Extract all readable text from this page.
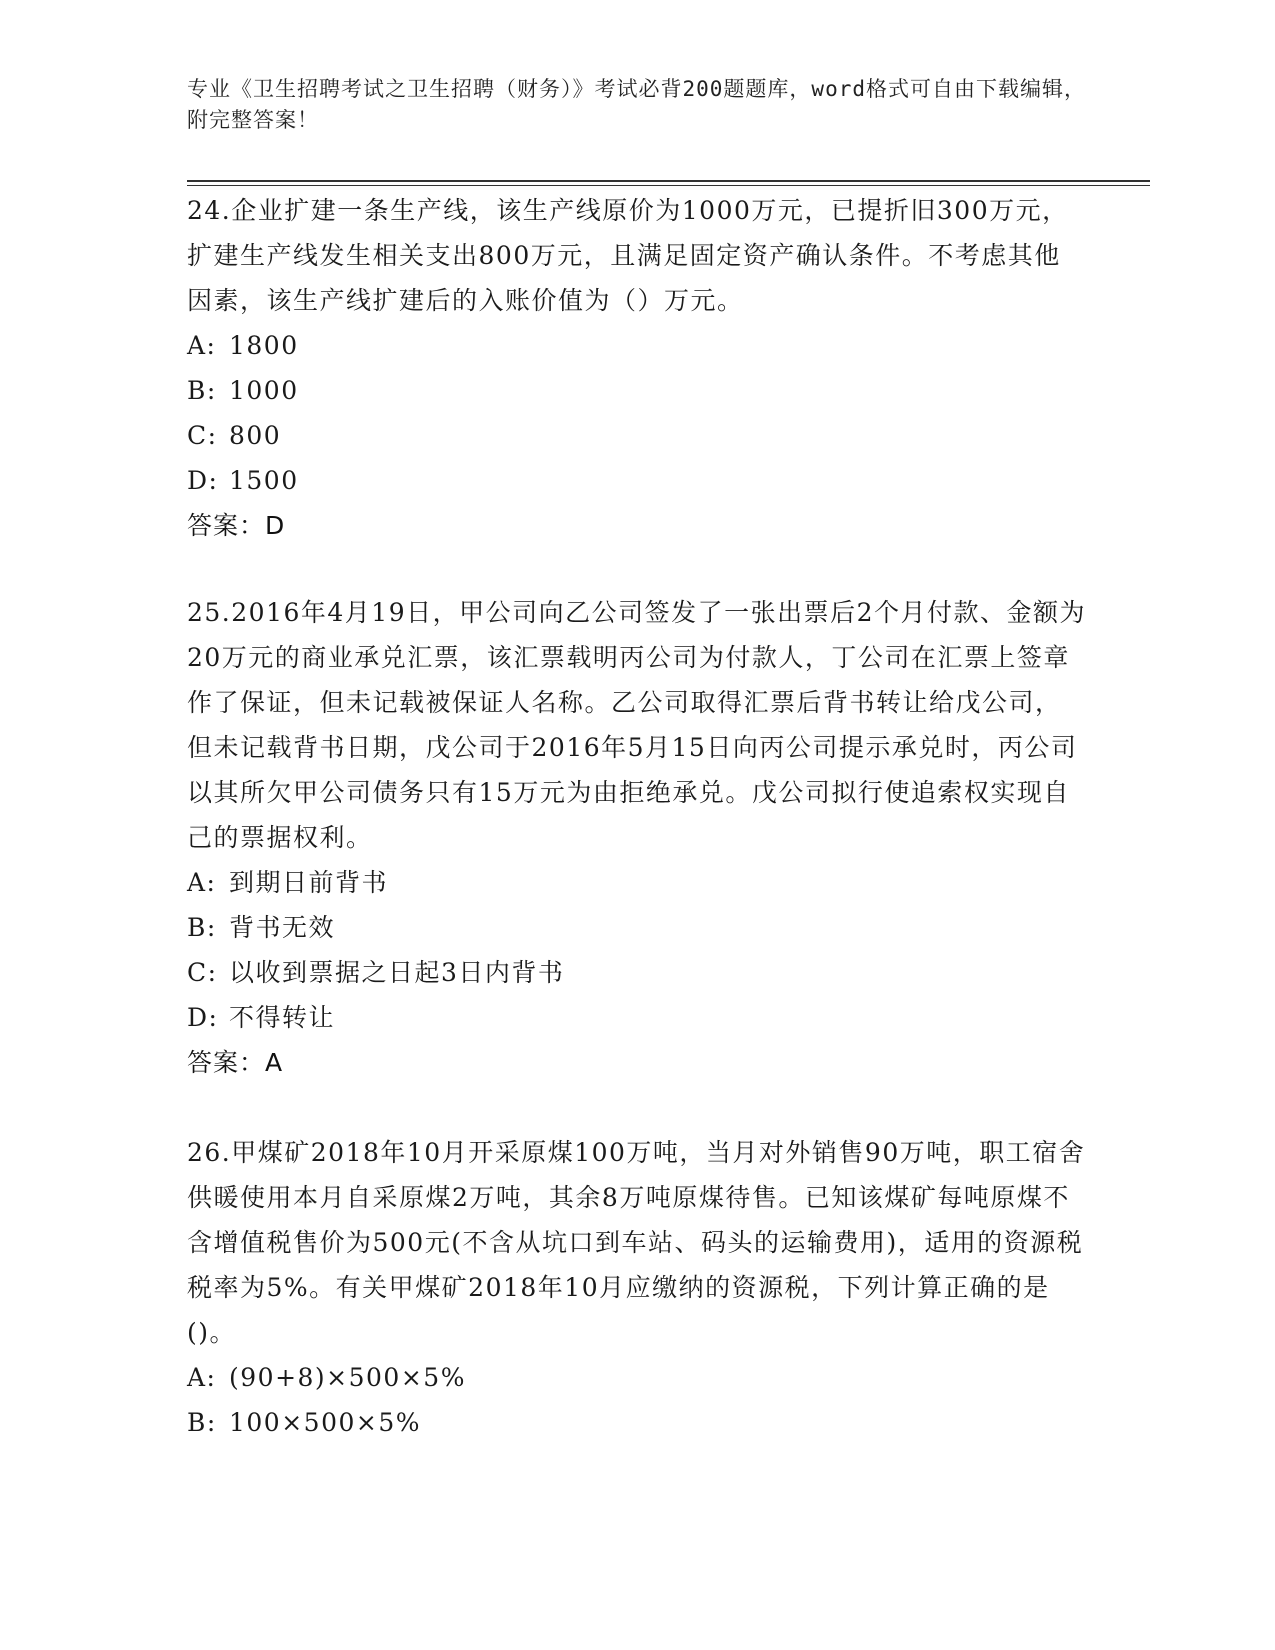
专业《卫生招聘考试之卫生招聘（财务）》考试必背200题题库，word格式可自由下载编辑，附完整答案！

24.企业扩建一条生产线，该生产线原价为1000万元，已提折旧300万元，扩建生产线发生相关支出800万元，且满足固定资产确认条件。不考虑其他因素，该生产线扩建后的入账价值为（）万元。

A: 1800

B: 1000

C: 800

D: 1500

答案：D

25.2016年4月19日，甲公司向乙公司签发了一张出票后2个月付款、金额为20万元的商业承兑汇票，该汇票载明丙公司为付款人，丁公司在汇票上签章作了保证，但未记载被保证人名称。乙公司取得汇票后背书转让给戊公司，但未记载背书日期，戊公司于2016年5月15日向丙公司提示承兑时，丙公司以其所欠甲公司债务只有15万元为由拒绝承兑。戊公司拟行使追索权实现自己的票据权利。

A: 到期日前背书

B: 背书无效

C: 以收到票据之日起3日内背书

D: 不得转让

答案：A

26.甲煤矿2018年10月开采原煤100万吨，当月对外销售90万吨，职工宿舍供暖使用本月自采原煤2万吨，其余8万吨原煤待售。已知该煤矿每吨原煤不含增值税售价为500元(不含从坑口到车站、码头的运输费用)，适用的资源税税率为5%。有关甲煤矿2018年10月应缴纳的资源税，下列计算正确的是()。

A: (90+8)×500×5%

B: 100×500×5%
